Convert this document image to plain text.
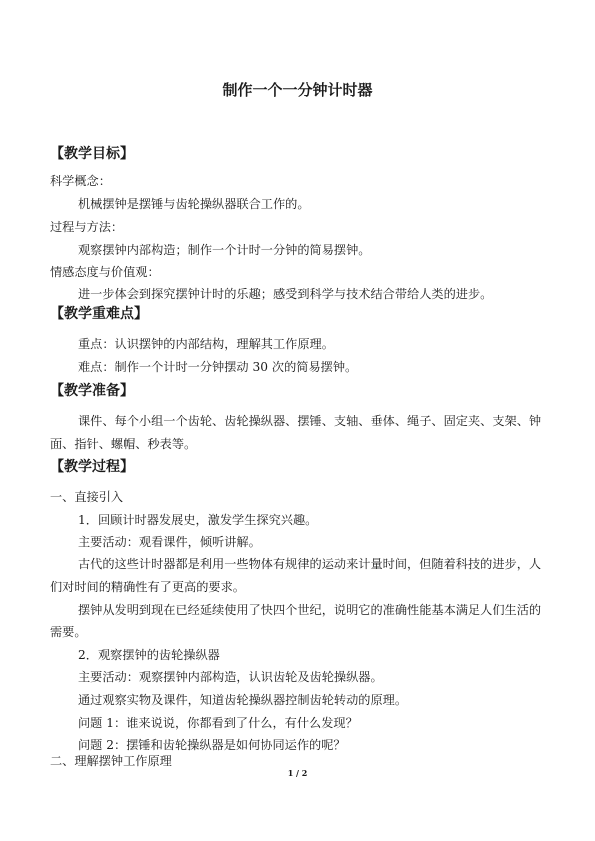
制作一个一分钟计时器
【教学目标】
科学概念：
机械摆钟是摆锤与齿轮操纵器联合工作的。
过程与方法：
观察摆钟内部构造；制作一个计时一分钟的简易摆钟。
情感态度与价值观：
进一步体会到探究摆钟计时的乐趣；感受到科学与技术结合带给人类的进步。
【教学重难点】
重点：认识摆钟的内部结构，理解其工作原理。
难点：制作一个计时一分钟摆动 30 次的简易摆钟。
【教学准备】
课件、每个小组一个齿轮、齿轮操纵器、摆锤、支轴、垂体、绳子、固定夹、支架、钟
面、指针、螺帽、秒表等。
【教学过程】
一、直接引入
1．回顾计时器发展史，激发学生探究兴趣。
主要活动：观看课件，倾听讲解。
古代的这些计时器都是利用一些物体有规律的运动来计量时间，但随着科技的进步，人
们对时间的精确性有了更高的要求。
摆钟从发明到现在已经延续使用了快四个世纪，说明它的准确性能基本满足人们生活的
需要。
2．观察摆钟的齿轮操纵器
主要活动：观察摆钟内部构造，认识齿轮及齿轮操纵器。
通过观察实物及课件，知道齿轮操纵器控制齿轮转动的原理。
问题 1：谁来说说，你都看到了什么，有什么发现？
问题 2：摆锤和齿轮操纵器是如何协同运作的呢？
二、理解摆钟工作原理
1 / 2
